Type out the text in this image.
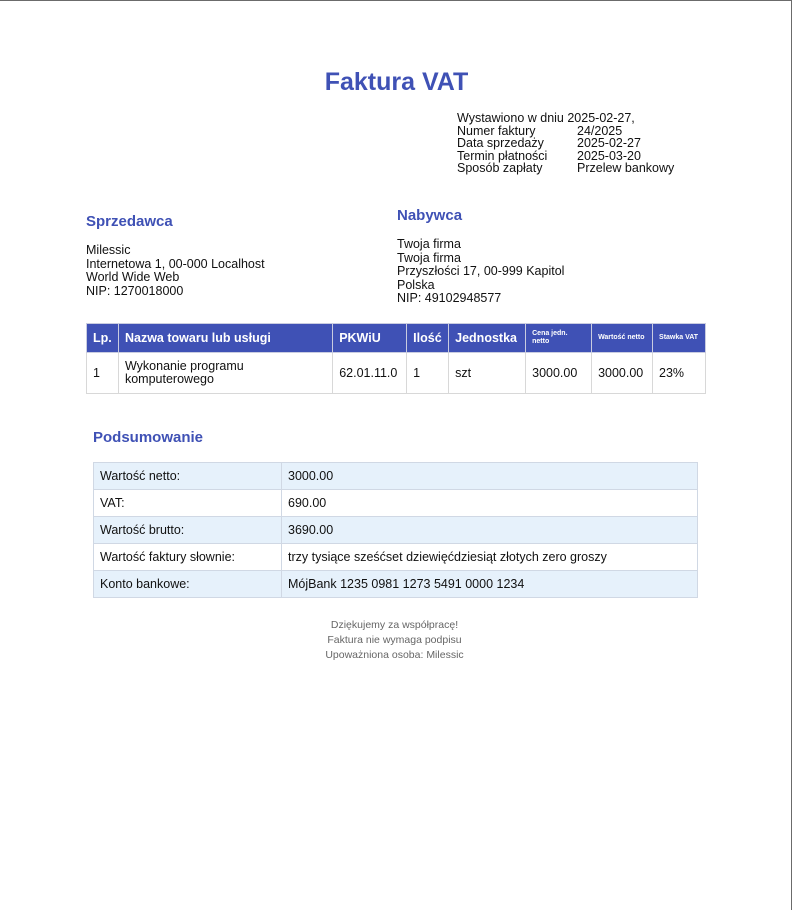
Faktura VAT
Wystawiono w dniu 2025-02-27,
Numer faktury	24/2025
Data sprzedaży	2025-02-27
Termin płatności	2025-03-20
Sposób zapłaty	Przelew bankowy
Sprzedawca
Milessic
Internetowa 1, 00-000 Localhost
World Wide Web
NIP: 1270018000
Nabywca
Twoja firma
Twoja firma
Przyszłości 17, 00-999 Kapitol
Polska
NIP: 49102948577
Lp.	Nazwa towaru lub usługi	PKWiU	Ilość	Jednostka	Cena jedn. netto	Wartość netto	Stawka VAT
1	Wykonanie programu komputerowego	62.01.11.0	1	szt	3000.00	3000.00	23%
Podsumowanie
Wartość netto:	3000.00
VAT:	690.00
Wartość brutto:	3690.00
Wartość faktury słownie:	trzy tysiące sześćset dziewięćdziesiąt złotych zero groszy
Konto bankowe:	MójBank 1235 0981 1273 5491 0000 1234
Dziękujemy za współpracę!
Faktura nie wymaga podpisu
Upoważniona osoba: Milessic
